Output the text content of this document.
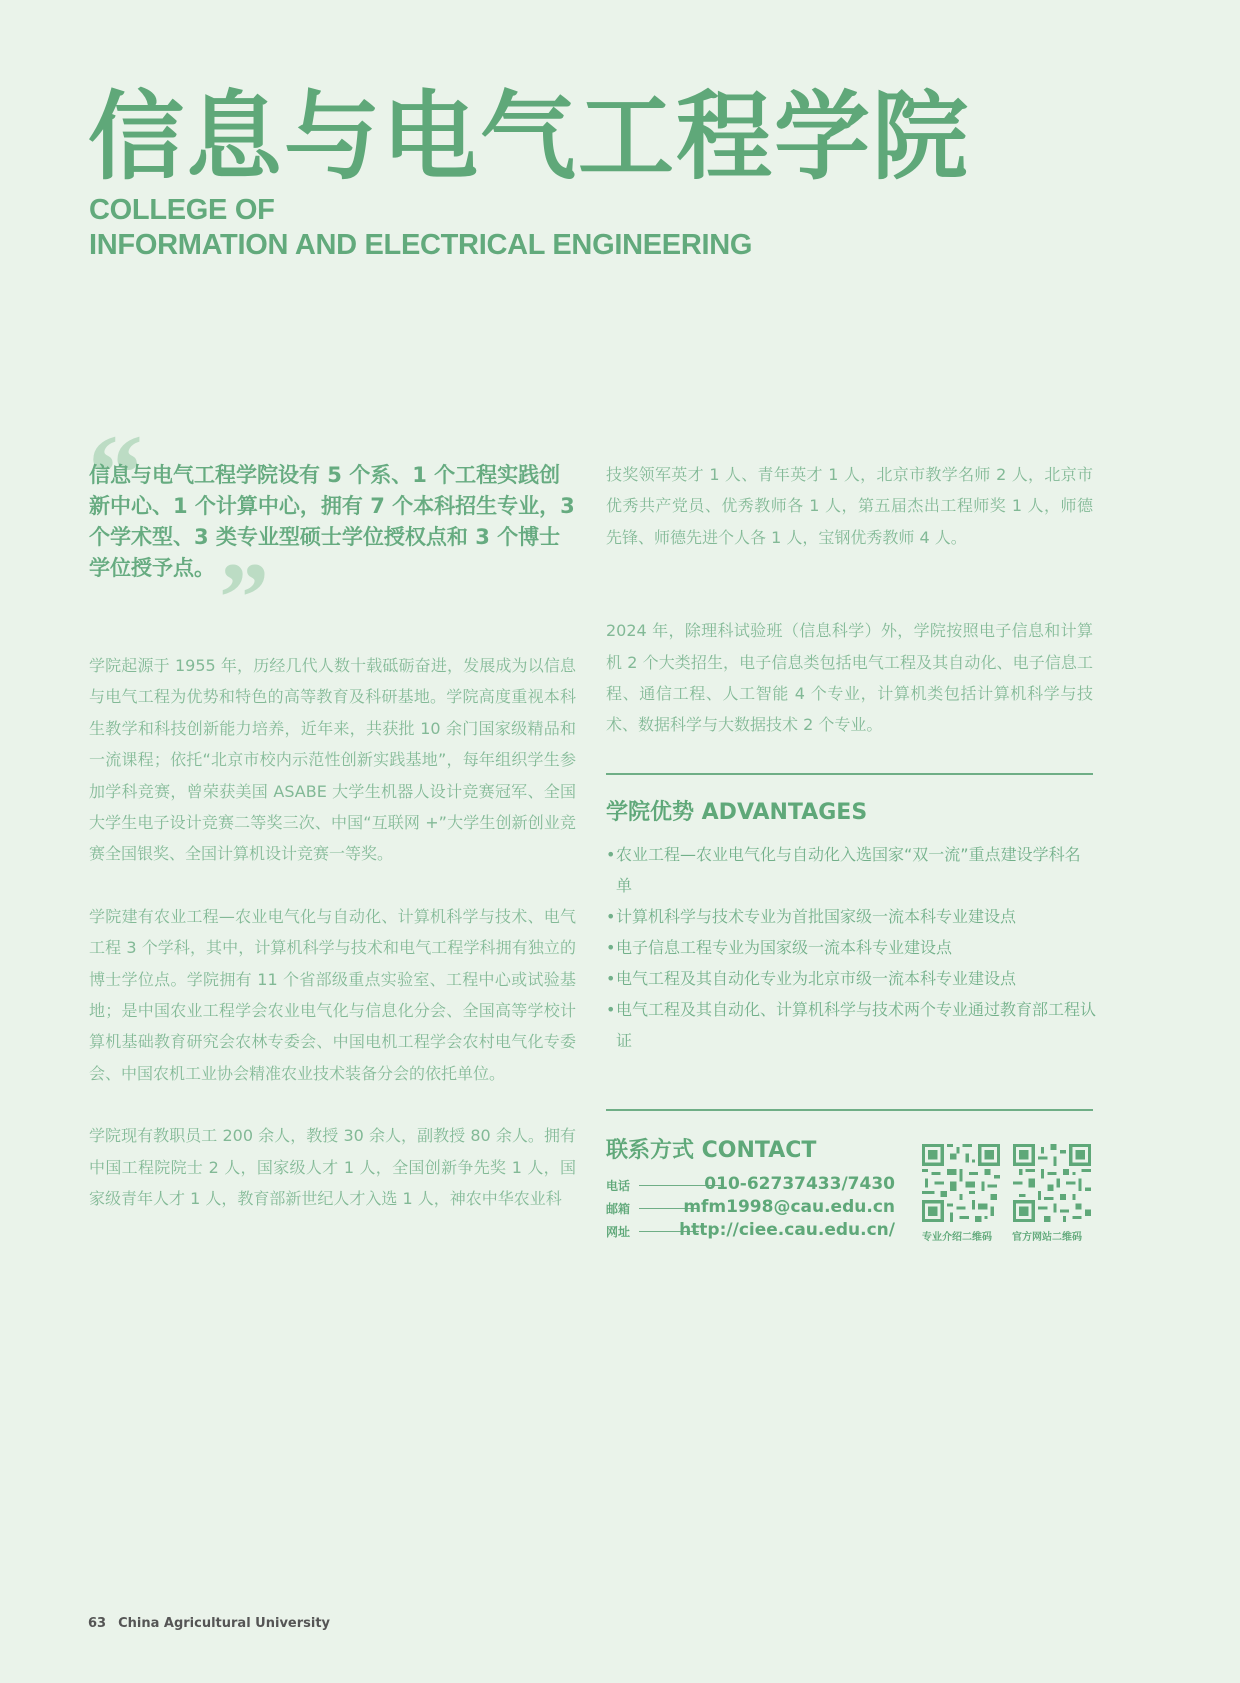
信息与电气工程学院
COLLEGE OF
INFORMATION AND ELECTRICAL ENGINEERING
“
信息与电气工程学院设有 5 个系、1 个工程实践创新中心、1 个计算中心，拥有 7 个本科招生专业，3 个学术型、3 类专业型硕士学位授权点和 3 个博士学位授予点。”

学院起源于 1955 年，历经几代人数十载砥砺奋进，发展成为以信息与电气工程为优势和特色的高等教育及科研基地。学院高度重视本科生教学和科技创新能力培养，近年来，共获批 10 余门国家级精品和一流课程；依托“北京市校内示范性创新实践基地”，每年组织学生参加学科竞赛，曾荣获美国 ASABE 大学生机器人设计竞赛冠军、全国大学生电子设计竞赛二等奖三次、中国“互联网 +”大学生创新创业竞赛全国银奖、全国计算机设计竞赛一等奖。

学院建有农业工程—农业电气化与自动化、计算机科学与技术、电气工程 3 个学科，其中，计算机科学与技术和电气工程学科拥有独立的博士学位点。学院拥有 11 个省部级重点实验室、工程中心或试验基地；是中国农业工程学会农业电气化与信息化分会、全国高等学校计算机基础教育研究会农林专委会、中国电机工程学会农村电气化专委会、中国农机工业协会精准农业技术装备分会的依托单位。

学院现有教职员工 200 余人，教授 30 余人，副教授 80 余人。拥有中国工程院院士 2 人，国家级人才 1 人，全国创新争先奖 1 人，国家级青年人才 1 人，教育部新世纪人才入选 1 人，神农中华农业科

技奖领军英才 1 人、青年英才 1 人，北京市教学名师 2 人，北京市优秀共产党员、优秀教师各 1 人，第五届杰出工程师奖 1 人，师德先锋、师德先进个人各 1 人，宝钢优秀教师 4 人。

2024 年，除理科试验班（信息科学）外，学院按照电子信息和计算机 2 个大类招生，电子信息类包括电气工程及其自动化、电子信息工程、通信工程、人工智能 4 个专业，计算机类包括计算机科学与技术、数据科学与大数据技术 2 个专业。

学院优势 ADVANTAGES
• 农业工程—农业电气化与自动化入选国家“双一流”重点建设学科名单
• 计算机科学与技术专业为首批国家级一流本科专业建设点
• 电子信息工程专业为国家级一流本科专业建设点
• 电气工程及其自动化专业为北京市级一流本科专业建设点
• 电气工程及其自动化、计算机科学与技术两个专业通过教育部工程认证
联系方式 CONTACT
电话	010-62737433/7430
邮箱	mfm1998@cau.edu.cn
网址	http://ciee.cau.edu.cn/	专业介绍二维码 官方网站二维码
63 China Agricultural University
